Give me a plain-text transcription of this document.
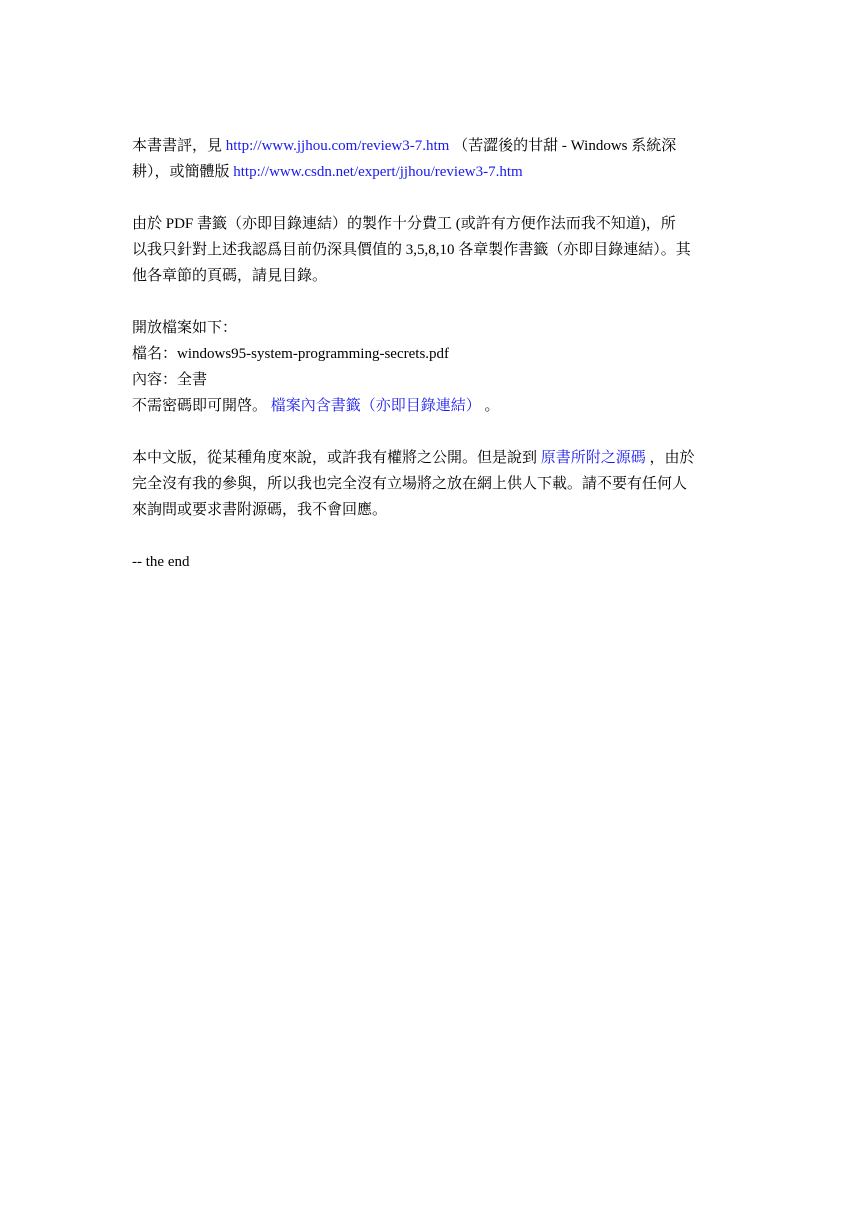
本書書評，見 http://www.jjhou.com/review3-7.htm （苦澀後的甘甜 - Windows 系統深
耕），或簡體版 http://www.csdn.net/expert/jjhou/review3-7.htm
由於 PDF 書籤（亦即目錄連結）的製作十分費工 (或許有方便作法而我不知道)，所
以我只針對上述我認爲目前仍深具價值的 3,5,8,10 各章製作書籤（亦即目錄連結）。其
他各章節的頁碼，請見目錄。
開放檔案如下：
檔名：windows95-system-programming-secrets.pdf
內容：全書
不需密碼即可開啓。 檔案內含書籤（亦即目錄連結） 。
本中文版，從某種角度來說，或許我有權將之公開。但是說到 原書所附之源碼 ，由於
完全沒有我的參與，所以我也完全沒有立場將之放在網上供人下載。請不要有任何人
來詢問或要求書附源碼，我不會回應。
-- the end
